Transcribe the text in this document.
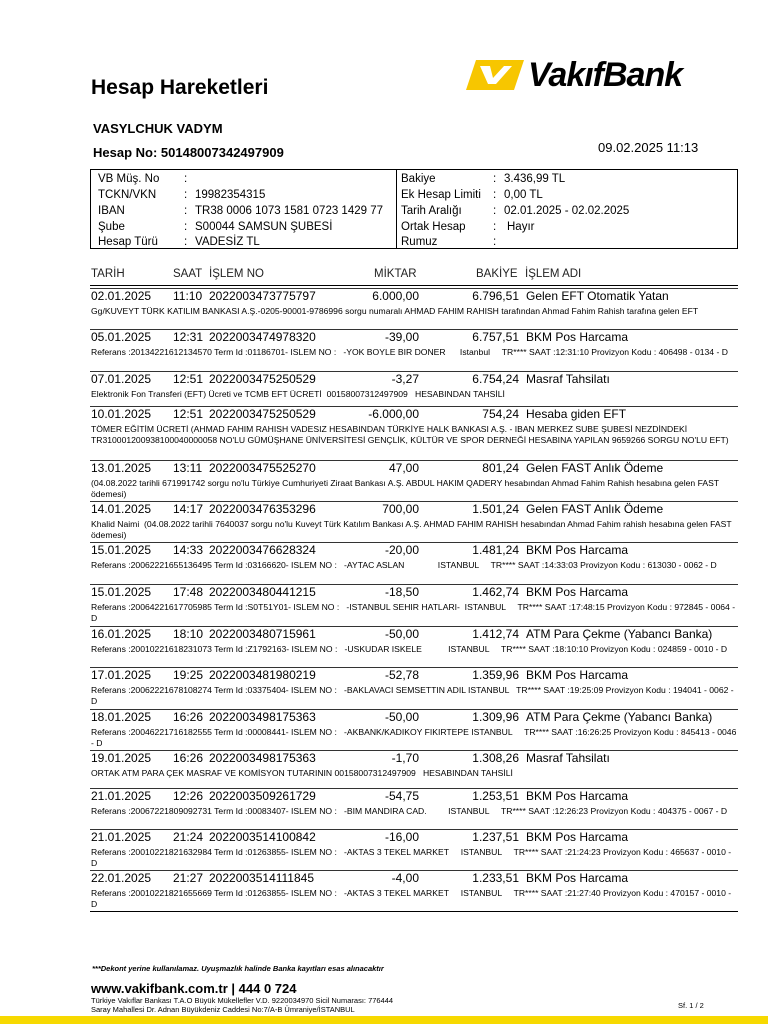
Hesap Hareketleri	VakıfBank
VASYLCHUK VADYM
Hesap No: 50148007342497909	09.02.2025 11:13
VB Müş. No :
TCKN/VKN : 19982354315
IBAN	: TR38 0006 1073 1581 0723 1429 77
Şube	: S00044 SAMSUN ŞUBESİ
Hesap Türü : VADESİZ TL
Bakiye	: 3.436,99 TL
Ek Hesap Limiti : 0,00 TL
Tarih Aralığı	: 02.01.2025 - 02.02.2025
Ortak Hesap : Hayır
Rumuz	:
TARİH	SAAT İŞLEM NO	MİKTAR	BAKİYE İŞLEM ADI
02.01.2025 11:10 2022003473775797	6.000,00	6.796,51 Gelen EFT Otomatik Yatan
Gg/KUVEYT TÜRK KATILIM BANKASI A.Ş.-0205-90001-9786996 sorgu numaralı AHMAD FAHIM RAHISH tarafından Ahmad Fahim Rahish tarafına gelen EFT
05.01.2025 12:31 2022003474978320	-39,00	6.757,51 BKM Pos Harcama
Referans :20134221612134570 Term Id :01186701- ISLEM NO :   -YOK BOYLE BIR DONER      Istanbul     TR**** SAAT :12:31:10 Provizyon Kodu : 406498 - 0134 - D
07.01.2025 12:51 2022003475250529	-3,27	6.754,24 Masraf Tahsilatı
Elektronik Fon Transferi (EFT) Ücreti ve TCMB EFT ÜCRETİ  00158007312497909   HESABINDAN TAHSİLİ
10.01.2025 12:51 2022003475250529	-6.000,00	754,24 Hesaba giden EFT
TÖMER EĞİTİM ÜCRETİ (AHMAD FAHIM RAHISH VADESIZ HESABINDAN TÜRKİYE HALK BANKASI A.Ş. - IBAN MERKEZ SUBE ŞUBESİ NEZDİNDEKİ TR310001200938100040000058 NO'LU GÜMÜŞHANE ÜNİVERSİTESİ GENÇLİK, KÜLTÜR VE SPOR DERNEĞİ HESABINA YAPILAN 9659266 SORGU NO'LU EFT)
13.01.2025 13:11 2022003475525270	47,00	801,24 Gelen FAST Anlık Ödeme
(04.08.2022 tarihli 671991742 sorgu no'lu Türkiye Cumhuriyeti Ziraat Bankası A.Ş. ABDUL HAKIM QADERY hesabından Ahmad Fahim Rahish hesabına gelen FAST ödemesi)
14.01.2025 14:17 2022003476353296	700,00	1.501,24 Gelen FAST Anlık Ödeme
Khalid Naimi  (04.08.2022 tarihli 7640037 sorgu no'lu Kuveyt Türk Katılım Bankası A.Ş. AHMAD FAHIM RAHISH hesabından Ahmad Fahim rahish hesabına gelen FAST ödemesi)
15.01.2025 14:33 2022003476628324	-20,00	1.481,24 BKM Pos Harcama
Referans :20062221655136495 Term Id :03166620- ISLEM NO :   -AYTAC ASLAN              ISTANBUL     TR**** SAAT :14:33:03 Provizyon Kodu : 613030 - 0062 - D
15.01.2025 17:48 2022003480441215	-18,50	1.462,74 BKM Pos Harcama
Referans :20064221617705985 Term Id :S0T51Y01- ISLEM NO :   -ISTANBUL SEHIR HATLARI-  ISTANBUL     TR**** SAAT :17:48:15 Provizyon Kodu : 972845 - 0064 - D
16.01.2025 18:10 2022003480715961	-50,00	1.412,74 ATM Para Çekme (Yabancı Banka)
Referans :20010221618231073 Term Id :Z1792163- ISLEM NO :   -USKUDAR ISKELE           ISTANBUL     TR**** SAAT :18:10:10 Provizyon Kodu : 024859 - 0010 - D
17.01.2025 19:25 2022003481980219	-52,78	1.359,96 BKM Pos Harcama
Referans :20062221678108274 Term Id :03375404- ISLEM NO :   -BAKLAVACI SEMSETTIN ADIL ISTANBUL   TR**** SAAT :19:25:09 Provizyon Kodu : 194041 - 0062 - D
18.01.2025 16:26 2022003498175363	-50,00	1.309,96 ATM Para Çekme (Yabancı Banka)
Referans :20046221716182555 Term Id :00008441- ISLEM NO :   -AKBANK/KADIKOY FIKIRTEPE ISTANBUL     TR**** SAAT :16:26:25 Provizyon Kodu : 845413 - 0046 - D
19.01.2025 16:26 2022003498175363	-1,70	1.308,26 Masraf Tahsilatı
ORTAK ATM PARA ÇEK MASRAF VE KOMİSYON TUTARININ 00158007312497909   HESABINDAN TAHSİLİ
21.01.2025 12:26 2022003509261729	-54,75	1.253,51 BKM Pos Harcama
Referans :20067221809092731 Term Id :00083407- ISLEM NO :   -BIM MANDIRA CAD.         ISTANBUL     TR**** SAAT :12:26:23 Provizyon Kodu : 404375 - 0067 - D
21.01.2025 21:24 2022003514100842	-16,00	1.237,51 BKM Pos Harcama
Referans :20010221821632984 Term Id :01263855- ISLEM NO :   -AKTAS 3 TEKEL MARKET     ISTANBUL     TR**** SAAT :21:24:23 Provizyon Kodu : 465637 - 0010 - D
22.01.2025 21:27 2022003514111845	-4,00	1.233,51 BKM Pos Harcama
Referans :20010221821655669 Term Id :01263855- ISLEM NO :   -AKTAS 3 TEKEL MARKET     ISTANBUL     TR**** SAAT :21:27:40 Provizyon Kodu : 470157 - 0010 - D
***Dekont yerine kullanılamaz. Uyuşmazlık halinde Banka kayıtları esas alınacaktır
www.vakifbank.com.tr | 444 0 724
Türkiye Vakıflar Bankası T.A.O Büyük Mükellefler V.D. 9220034970 Sicil Numarası: 776444
Saray Mahallesi Dr. Adnan Büyükdeniz Caddesi No:7/A-B Ümraniye/İSTANBUL	Sf. 1 / 2
